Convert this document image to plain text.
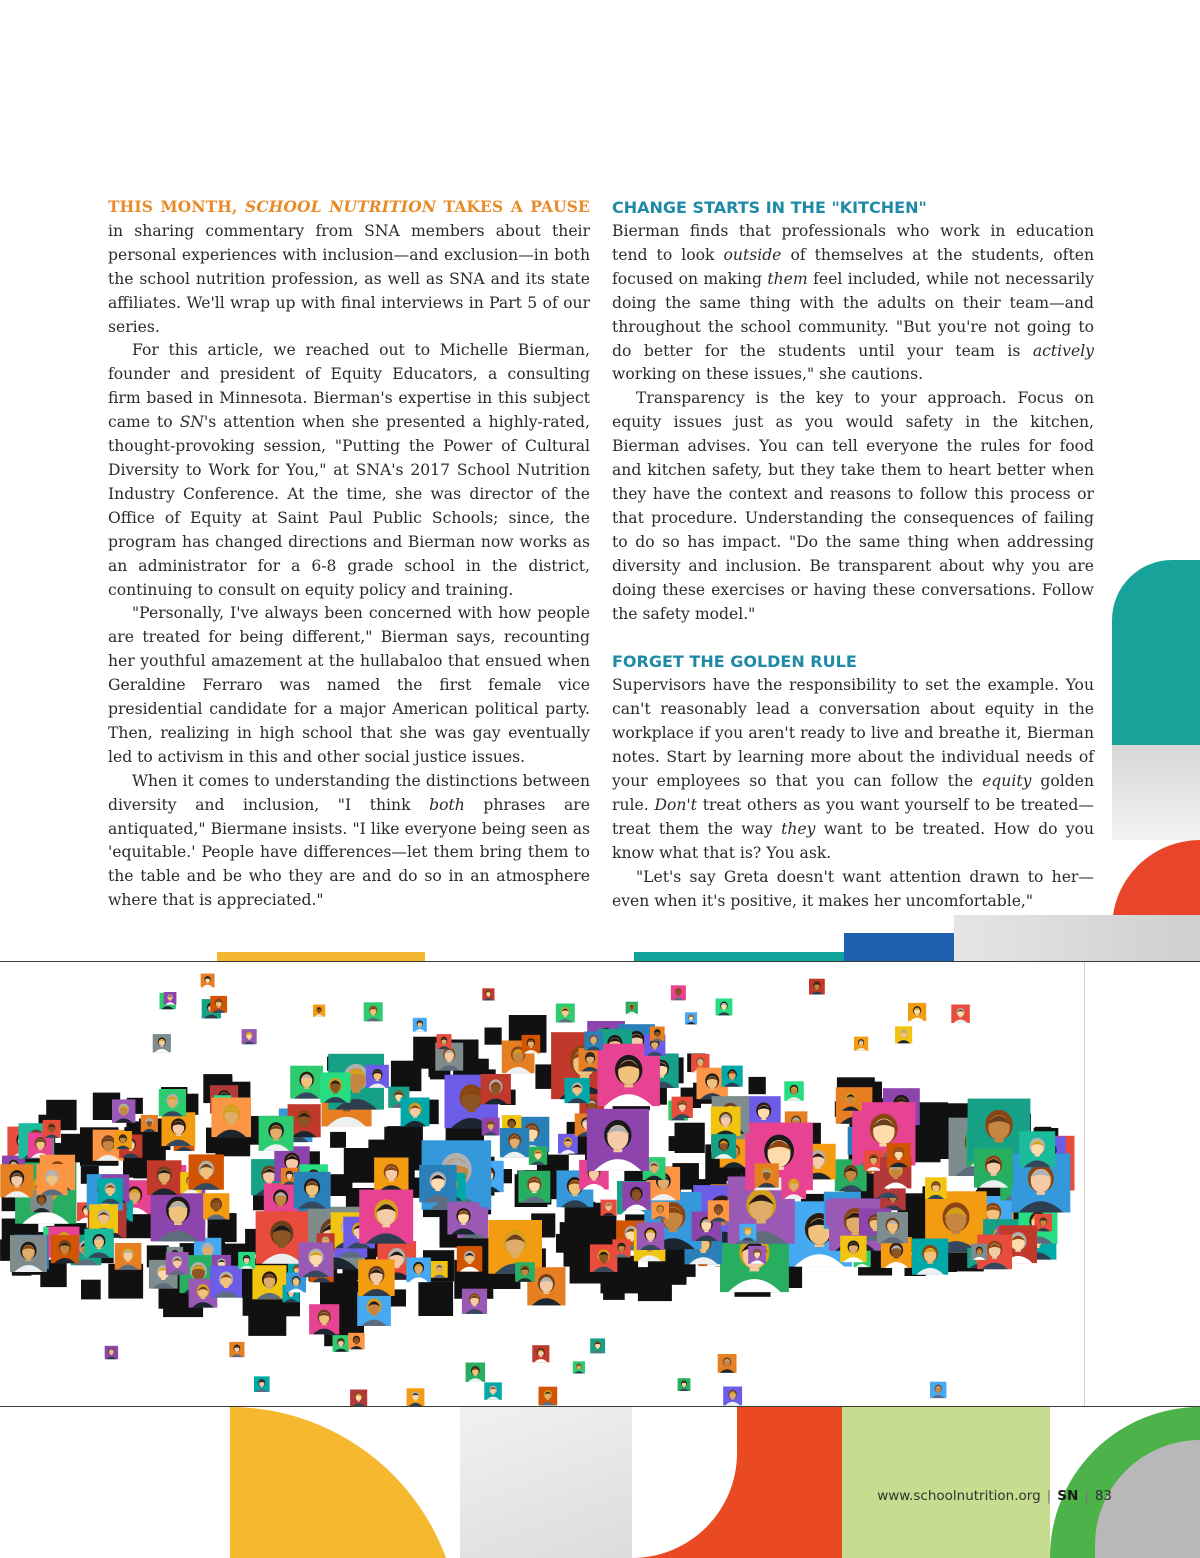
THIS MONTH, SCHOOL NUTRITION TAKES A PAUSE in sharing commentary from SNA members about their personal experiences with inclusion—and exclusion—in both the school nutrition profession, as well as SNA and its state affiliates. We'll wrap up with final interviews in Part 5 of our series.

For this article, we reached out to Michelle Bierman, founder and president of Equity Educators, a consulting firm based in Minnesota. Bierman's expertise in this subject came to SN's attention when she presented a highly-rated, thought-provoking session, "Putting the Power of Cultural Diversity to Work for You," at SNA's 2017 School Nutrition Industry Conference. At the time, she was director of the Office of Equity at Saint Paul Public Schools; since, the program has changed directions and Bierman now works as an administrator for a 6-8 grade school in the district, continuing to consult on equity policy and training.

"Personally, I've always been concerned with how people are treated for being different," Bierman says, recounting her youthful amazement at the hullabaloo that ensued when Geraldine Ferraro was named the first female vice presidential candidate for a major American political party. Then, realizing in high school that she was gay eventually led to activism in this and other social justice issues.

When it comes to understanding the distinctions between diversity and inclusion, "I think both phrases are antiquated," Biermane insists. "I like everyone being seen as 'equitable.' People have differences—let them bring them to the table and be who they are and do so in an atmosphere where that is appreciated."

CHANGE STARTS IN THE "KITCHEN"

Bierman finds that professionals who work in education tend to look outside of themselves at the students, often focused on making them feel included, while not necessarily doing the same thing with the adults on their team—and throughout the school community. "But you're not going to do better for the students until your team is actively working on these issues," she cautions.

Transparency is the key to your approach. Focus on equity issues just as you would safety in the kitchen, Bierman advises. You can tell everyone the rules for food and kitchen safety, but they take them to heart better when they have the context and reasons to follow this process or that procedure. Understanding the consequences of failing to do so has impact. "Do the same thing when addressing diversity and inclusion. Be transparent about why you are doing these exercises or having these conversations. Follow the safety model."

FORGET THE GOLDEN RULE

Supervisors have the responsibility to set the example. You can't reasonably lead a conversation about equity in the workplace if you aren't ready to live and breathe it, Bierman notes. Start by learning more about the individual needs of your employees so that you can follow the equity golden rule. Don't treat others as you want yourself to be treated—treat them the way they want to be treated. How do you know what that is? You ask.

"Let's say Greta doesn't want attention drawn to her—even when it's positive, it makes her uncomfortable,"

www.schoolnutrition.org | SN | 83
